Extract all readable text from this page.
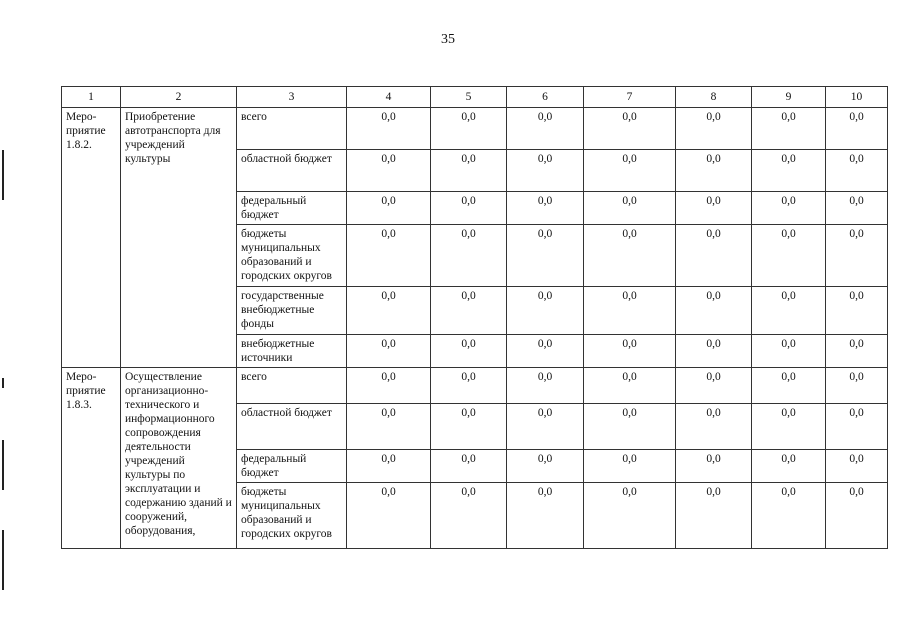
35
1	2	3	4	5	6	7	8	9	10
Меро-
приятие
1.8.2.	Приобретение автотранспорта для учреждений культуры	всего	0,0	0,0	0,0	0,0	0,0	0,0	0,0
		областной бюджет	0,0	0,0	0,0	0,0	0,0	0,0	0,0
		федеральный бюджет	0,0	0,0	0,0	0,0	0,0	0,0	0,0
		бюджеты муниципальных образований и городских округов	0,0	0,0	0,0	0,0	0,0	0,0	0,0
		государственные внебюджетные фонды	0,0	0,0	0,0	0,0	0,0	0,0	0,0
		внебюджетные источники	0,0	0,0	0,0	0,0	0,0	0,0	0,0
Меро-
приятие
1.8.3.	Осуществление организационно-технического и информационного сопровождения деятельности учреждений культуры по эксплуатации и содержанию зданий и сооружений, оборудования,	всего	0,0	0,0	0,0	0,0	0,0	0,0	0,0
		областной бюджет	0,0	0,0	0,0	0,0	0,0	0,0	0,0
		федеральный бюджет	0,0	0,0	0,0	0,0	0,0	0,0	0,0
		бюджеты муниципальных образований и городских округов	0,0	0,0	0,0	0,0	0,0	0,0	0,0
